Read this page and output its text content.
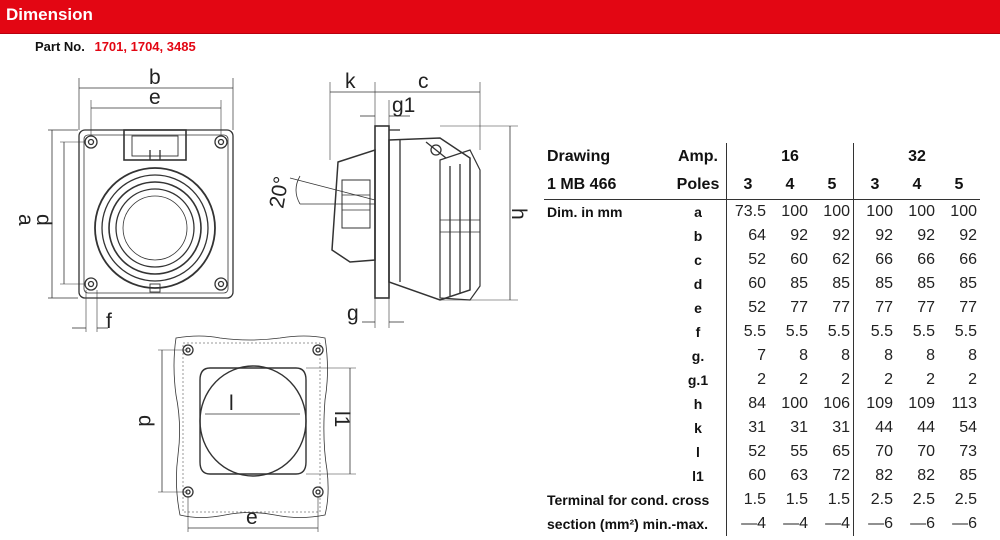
Dimension
Part No. 1701, 1704, 3485
a
d
b
e
f
k	c
g1
h
g
20°
d
l
l1
e
Drawing	Amp.	16			32		
1 MB 466	Poles	3	4	5	3	4	5
Dim. in mm	a	73.5	100	100	100	100	100
	b	64	92	92	92	92	92
	c	52	60	62	66	66	66
	d	60	85	85	85	85	85
	e	52	77	77	77	77	77
	f	5.5	5.5	5.5	5.5	5.5	5.5
	g.	7	8	8	8	8	8
	g.1	2	2	2	2	2	2
	h	84	100	106	109	109	113
	k	31	31	31	44	44	54
	l	52	55	65	70	70	73
	l1	60	63	72	82	82	85
Terminal for cond. cross		1.5	1.5	1.5	2.5	2.5	2.5
section (mm²) min.-max.		—4	—4	—4	—6	—6	—6
